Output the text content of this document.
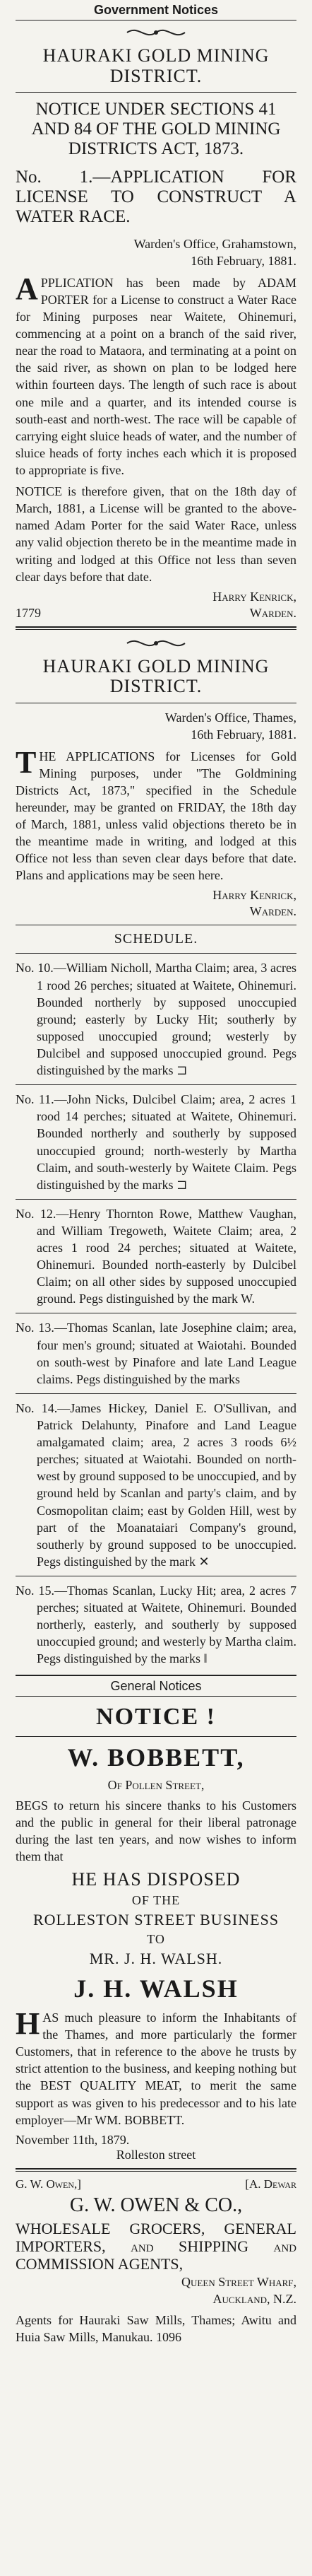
Government Notices
HAURAKI GOLD MINING DISTRICT.
NOTICE UNDER SECTIONS 41 AND 84 OF THE GOLD MINING DISTRICTS ACT, 1873.
No. 1.—APPLICATION FOR LICENSE TO CONSTRUCT A WATER RACE.
Warden's Office, Grahamstown,
16th February, 1881.

APPLICATION has been made by ADAM PORTER for a License to construct a Water Race for Mining purposes near Waitete, Ohinemuri, commencing at a point on a branch of the said river, near the road to Mataora, and terminating at a point on the said river, as shown on plan to be lodged here within fourteen days. The length of such race is about one mile and a quarter, and its intended course is south-east and north-west. The race will be capable of carrying eight sluice heads of water, and the number of sluice heads of forty inches each which it is proposed to appropriate is five.

NOTICE is therefore given, that on the 18th day of March, 1881, a License will be granted to the above-named Adam Porter for the said Water Race, unless any valid objection thereto be in the meantime made in writing and lodged at this Office not less than seven clear days before that date.

Harry Kenrick,
1779	Warden.
HAURAKI GOLD MINING DISTRICT.
Warden's Office, Thames,
16th February, 1881.

THE APPLICATIONS for Licenses for Gold Mining purposes, under "The Goldmining Districts Act, 1873," specified in the Schedule hereunder, may be granted on FRIDAY, the 18th day of March, 1881, unless valid objections thereto be in the meantime made in writing, and lodged at this Office not less than seven clear days before that date. Plans and applications may be seen here.

Harry Kenrick,
Warden.
SCHEDULE.
No. 10.—William Nicholl, Martha Claim; area, 3 acres 1 rood 26 perches; situated at Waitete, Ohinemuri. Bounded northerly by supposed unoccupied ground; easterly by Lucky Hit; southerly by supposed unoccupied ground; westerly by Dulcibel and supposed unoccupied ground. Pegs distinguished by the marks ⊐
No. 11.—John Nicks, Dulcibel Claim; area, 2 acres 1 rood 14 perches; situated at Waitete, Ohinemuri. Bounded northerly and southerly by supposed unoccupied ground; north-westerly by Martha Claim, and south-westerly by Waitete Claim. Pegs distinguished by the marks ⊐
No. 12.—Henry Thornton Rowe, Matthew Vaughan, and William Tregoweth, Waitete Claim; area, 2 acres 1 rood 24 perches; situated at Waitete, Ohinemuri. Bounded north-easterly by Dulcibel Claim; on all other sides by supposed unoccupied ground. Pegs distinguished by the mark W.
No. 13.—Thomas Scanlan, late Josephine claim; area, four men's ground; situated at Waiotahi. Bounded on south-west by Pinafore and late Land League claims. Pegs distinguished by the marks
No. 14.—James Hickey, Daniel E. O'Sullivan, and Patrick Delahunty, Pinafore and Land League amalgamated claim; area, 2 acres 3 roods 6½ perches; situated at Waiotahi. Bounded on north-west by ground supposed to be unoccupied, and by ground held by Scanlan and party's claim, and by Cosmopolitan claim; east by Golden Hill, west by part of the Moanataiari Company's ground, southerly by ground supposed to be unoccupied. Pegs distinguished by the mark ✕
No. 15.—Thomas Scanlan, Lucky Hit; area, 2 acres 7 perches; situated at Waitete, Ohinemuri. Bounded northerly, easterly, and southerly by supposed unoccupied ground; and westerly by Martha claim. Pegs distinguished by the marks ‖
General Notices
NOTICE !
W. BOBBETT,
Of Pollen Street,

BEGS to return his sincere thanks to his Customers and the public in general for their liberal patronage during the last ten years, and now wishes to inform them that

HE HAS DISPOSED
OF THE
ROLLESTON STREET BUSINESS
TO
MR. J. H. WALSH.
J. H. WALSH

HAS much pleasure to inform the Inhabitants of the Thames, and more particularly the former Customers, that in reference to the above he trusts by strict attention to the business, and keeping nothing but the BEST QUALITY MEAT, to merit the same support as was given to his predecessor and to his late employer—Mr WM. BOBBETT.

November 11th, 1879.
Rolleston street
G. W. Owen,]	[A. Dewar
G. W. OWEN & CO.,
WHOLESALE GROCERS, GENERAL IMPORTERS, and SHIPPING and COMMISSION AGENTS,
Queen Street Wharf,
Auckland, N.Z.

Agents for Hauraki Saw Mills, Thames; Awitu and Huia Saw Mills, Manukau. 1096
